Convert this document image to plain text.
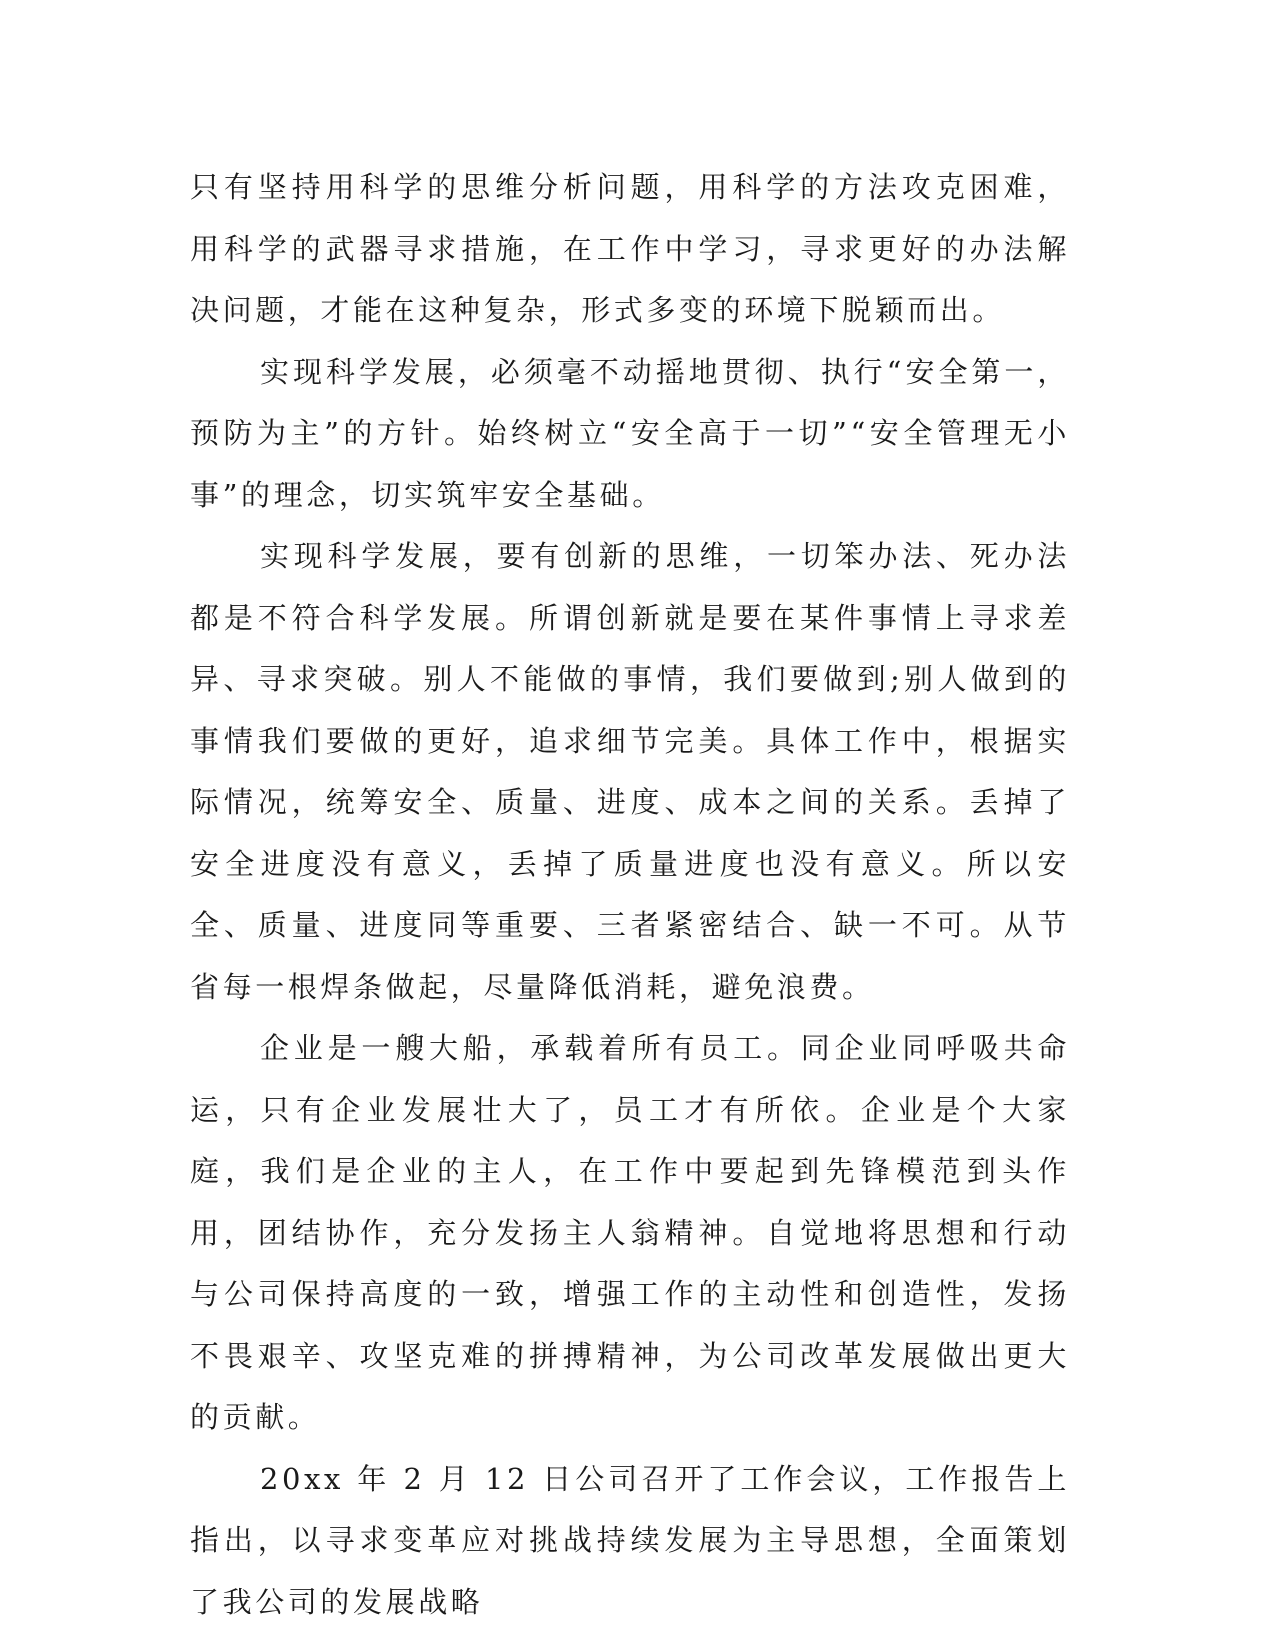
只有坚持用科学的思维分析问题，用科学的方法攻克困难，用科学的武器寻求措施，在工作中学习，寻求更好的办法解决问题，才能在这种复杂，形式多变的环境下脱颖而出。

实现科学发展，必须毫不动摇地贯彻、执行“安全第一，预防为主”的方针。始终树立“安全高于一切”“安全管理无小事”的理念，切实筑牢安全基础。

实现科学发展，要有创新的思维，一切笨办法、死办法都是不符合科学发展。所谓创新就是要在某件事情上寻求差异、寻求突破。别人不能做的事情，我们要做到;别人做到的事情我们要做的更好，追求细节完美。具体工作中，根据实际情况，统筹安全、质量、进度、成本之间的关系。丢掉了安全进度没有意义，丢掉了质量进度也没有意义。所以安全、质量、进度同等重要、三者紧密结合、缺一不可。从节省每一根焊条做起，尽量降低消耗，避免浪费。

企业是一艘大船，承载着所有员工。同企业同呼吸共命运，只有企业发展壮大了，员工才有所依。企业是个大家庭，我们是企业的主人，在工作中要起到先锋模范到头作用，团结协作，充分发扬主人翁精神。自觉地将思想和行动与公司保持高度的一致，增强工作的主动性和创造性，发扬不畏艰辛、攻坚克难的拼搏精神，为公司改革发展做出更大的贡献。

20xx 年 2 月 12 日公司召开了工作会议，工作报告上指出，以寻求变革应对挑战持续发展为主导思想，全面策划了我公司的发展战略
